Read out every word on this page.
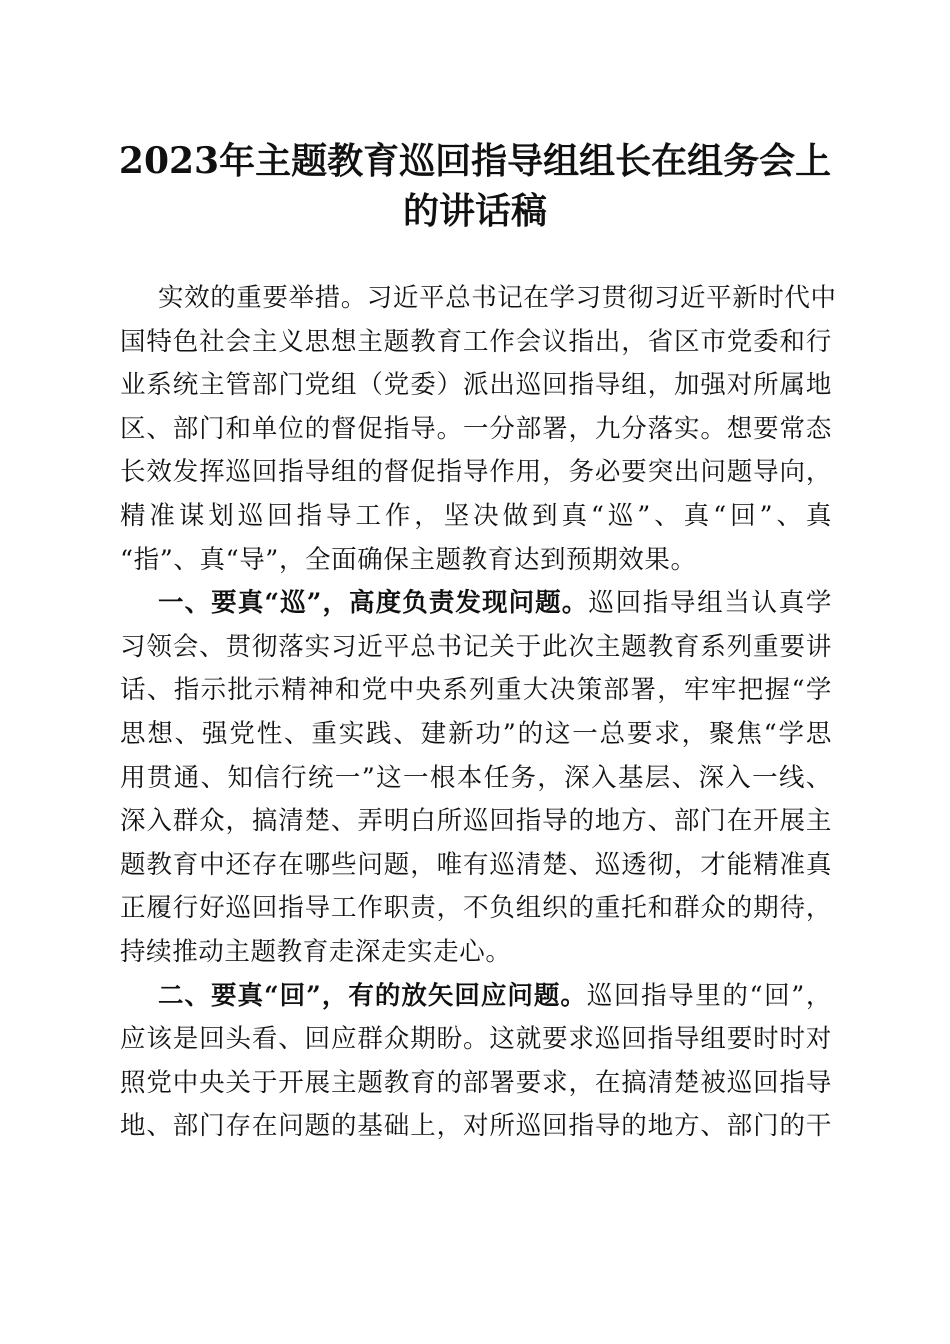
2023年主题教育巡回指导组组长在组务会上
的讲话稿
实效的重要举措。习近平总书记在学习贯彻习近平新时代中
国特色社会主义思想主题教育工作会议指出，省区市党委和行
业系统主管部门党组（党委）派出巡回指导组，加强对所属地
区、部门和单位的督促指导。一分部署，九分落实。想要常态
长效发挥巡回指导组的督促指导作用，务必要突出问题导向，
精准谋划巡回指导工作，坚决做到真“巡”、真“回”、真
“指”、真“导”，全面确保主题教育达到预期效果。
一、要真“巡”，高度负责发现问题。巡回指导组当认真学
习领会、贯彻落实习近平总书记关于此次主题教育系列重要讲
话、指示批示精神和党中央系列重大决策部署，牢牢把握“学
思想、强党性、重实践、建新功”的这一总要求，聚焦“学思
用贯通、知信行统一”这一根本任务，深入基层、深入一线、
深入群众，搞清楚、弄明白所巡回指导的地方、部门在开展主
题教育中还存在哪些问题，唯有巡清楚、巡透彻，才能精准真
正履行好巡回指导工作职责，不负组织的重托和群众的期待，
持续推动主题教育走深走实走心。
二、要真“回”，有的放矢回应问题。巡回指导里的“回”，
应该是回头看、回应群众期盼。这就要求巡回指导组要时时对
照党中央关于开展主题教育的部署要求，在搞清楚被巡回指导
地、部门存在问题的基础上，对所巡回指导的地方、部门的干
